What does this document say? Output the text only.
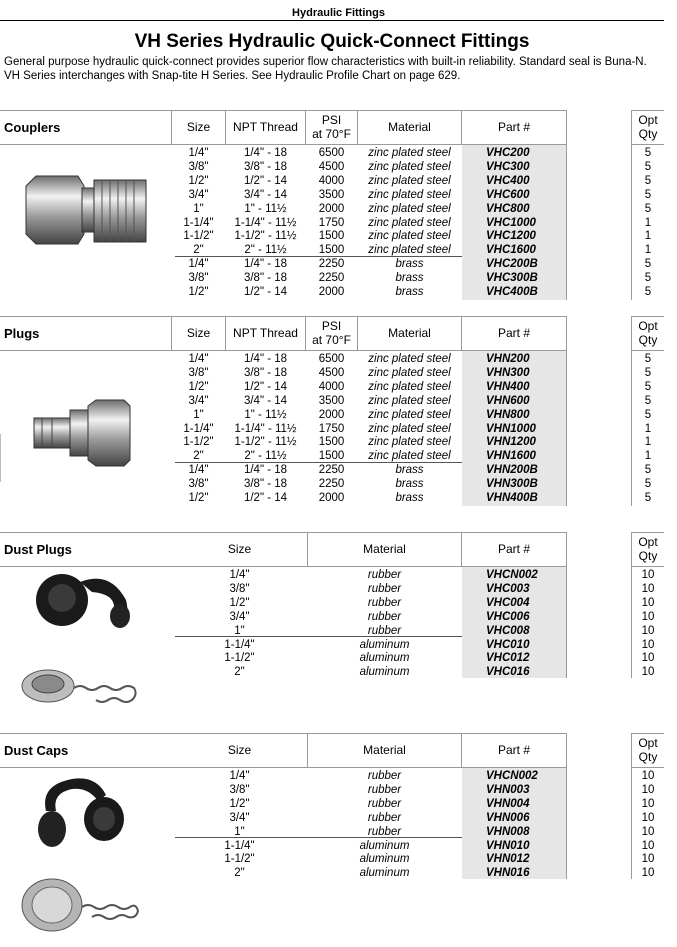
Hydraulic Fittings
VH Series Hydraulic Quick-Connect Fittings
General purpose hydraulic quick-connect provides superior flow characteristics with built-in reliability. Standard seal is Buna-N.
VH Series interchanges with Snap-tite H Series. See Hydraulic Profile Chart on page 629.
Couplers	Size	NPT Thread	PSI
at 70°F	Material	Part #	Opt
Qty
1/4"	1/4" - 18	6500	zinc plated steel	VHC200	5
3/8"	3/8" - 18	4500	zinc plated steel	VHC300	5
1/2"	1/2" - 14	4000	zinc plated steel	VHC400	5
3/4"	3/4" - 14	3500	zinc plated steel	VHC600	5
1"	1" - 11½	2000	zinc plated steel	VHC800	5
1-1/4"	1-1/4" - 11½	1750	zinc plated steel	VHC1000	1
1-1/2"	1-1/2" - 11½	1500	zinc plated steel	VHC1200	1
2"	2" - 11½	1500	zinc plated steel	VHC1600	1
1/4"	1/4" - 18	2250	brass	VHC200B	5
3/8"	3/8" - 18	2250	brass	VHC300B	5
1/2"	1/2" - 14	2000	brass	VHC400B	5
Plugs	Size	NPT Thread	PSI
at 70°F	Material	Part #	Opt
Qty
1/4"	1/4" - 18	6500	zinc plated steel	VHN200	5
3/8"	3/8" - 18	4500	zinc plated steel	VHN300	5
1/2"	1/2" - 14	4000	zinc plated steel	VHN400	5
3/4"	3/4" - 14	3500	zinc plated steel	VHN600	5
1"	1" - 11½	2000	zinc plated steel	VHN800	5
1-1/4"	1-1/4" - 11½	1750	zinc plated steel	VHN1000	1
1-1/2"	1-1/2" - 11½	1500	zinc plated steel	VHN1200	1
2"	2" - 11½	1500	zinc plated steel	VHN1600	1
1/4"	1/4" - 18	2250	brass	VHN200B	5
3/8"	3/8" - 18	2250	brass	VHN300B	5
1/2"	1/2" - 14	2000	brass	VHN400B	5
Dust Plugs	Size	Material	Part #	Opt
Qty
1/4"	rubber	VHCN002	10
3/8"	rubber	VHC003	10
1/2"	rubber	VHC004	10
3/4"	rubber	VHC006	10
1"	rubber	VHC008	10
1-1/4"	aluminum	VHC010	10
1-1/2"	aluminum	VHC012	10
2"	aluminum	VHC016	10
Dust Caps	Size	Material	Part #	Opt
Qty
1/4"	rubber	VHCN002	10
3/8"	rubber	VHN003	10
1/2"	rubber	VHN004	10
3/4"	rubber	VHN006	10
1"	rubber	VHN008	10
1-1/4"	aluminum	VHN010	10
1-1/2"	aluminum	VHN012	10
2"	aluminum	VHN016	10
